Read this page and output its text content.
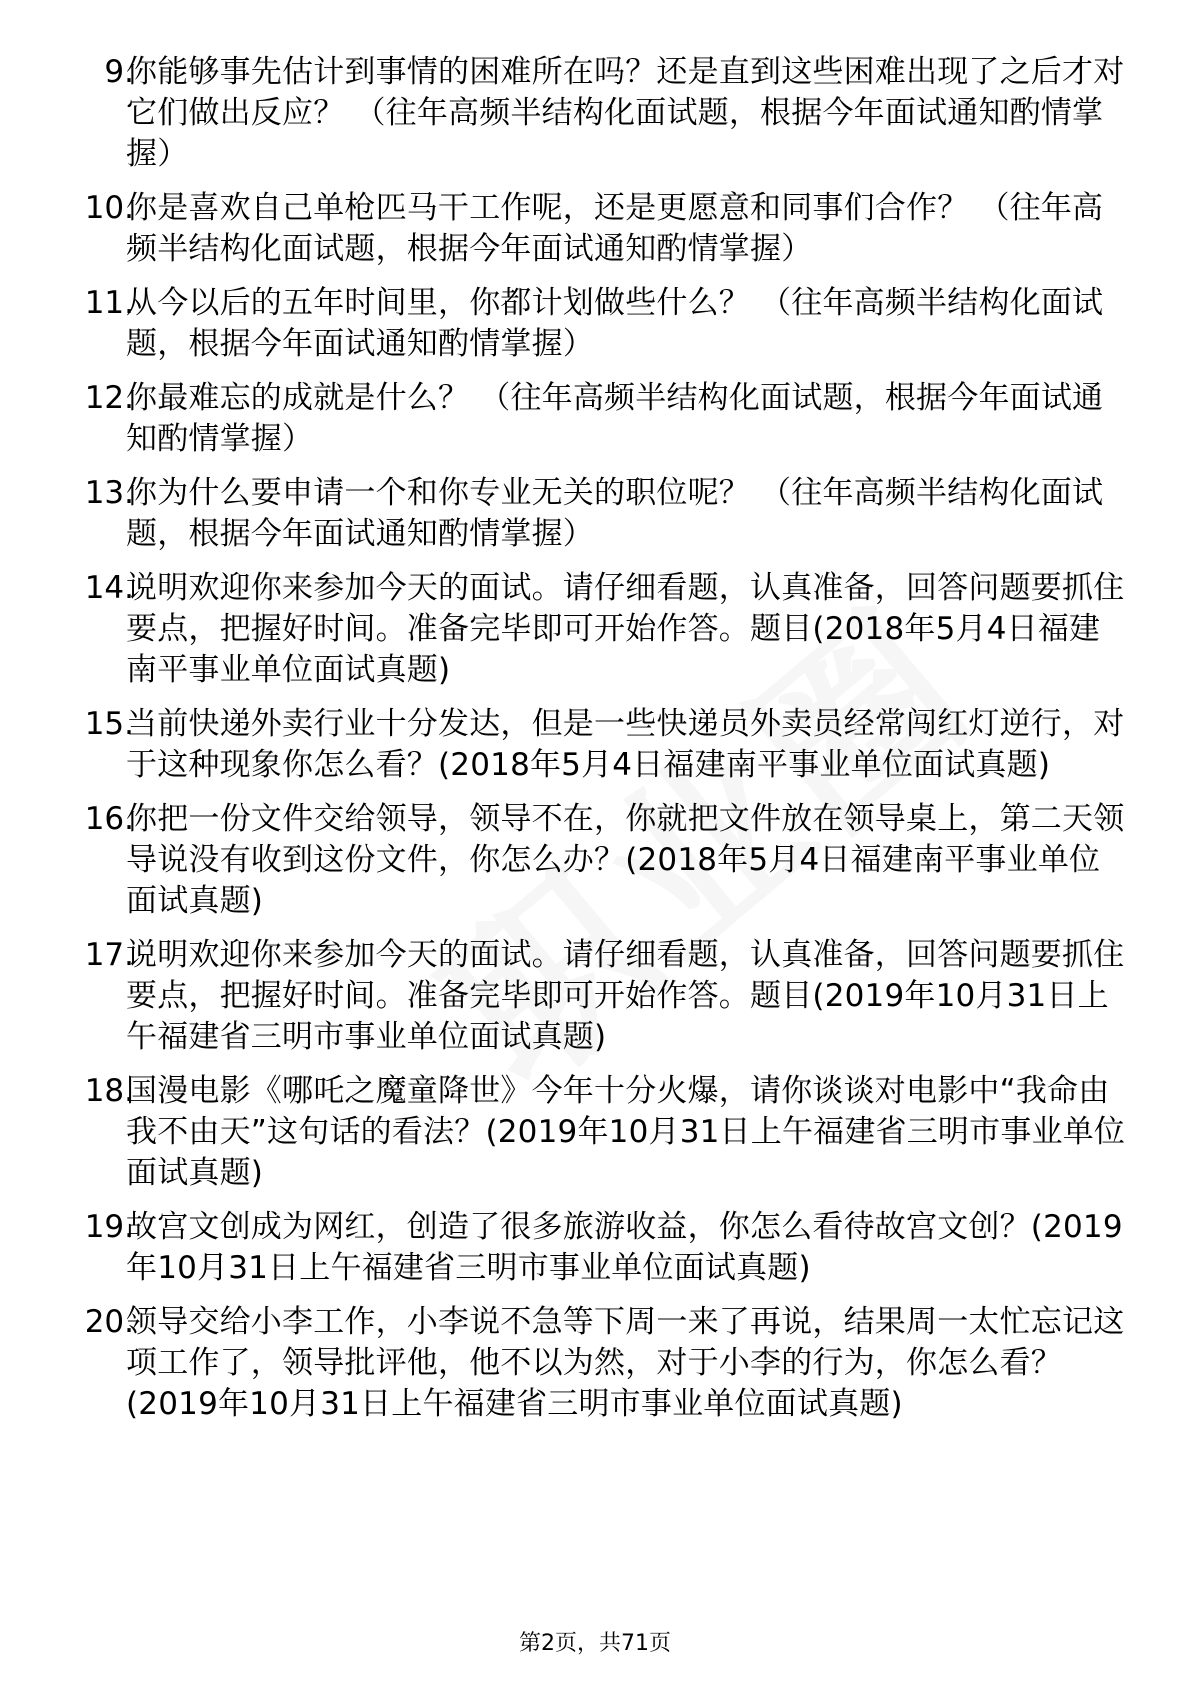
9.
你能够事先估计到事情的困难所在吗？还是直到这些困难出现了之后才对它们做出反应？ （往年高频半结构化面试题，根据今年面试通知酌情掌握）
10.
你是喜欢自己单枪匹马干工作呢，还是更愿意和同事们合作？ （往年高频半结构化面试题，根据今年面试通知酌情掌握）
11.
从今以后的五年时间里，你都计划做些什么？ （往年高频半结构化面试题，根据今年面试通知酌情掌握）
12.
你最难忘的成就是什么？ （往年高频半结构化面试题，根据今年面试通知酌情掌握）
13.
你为什么要申请一个和你专业无关的职位呢？ （往年高频半结构化面试题，根据今年面试通知酌情掌握）
14.
说明欢迎你来参加今天的面试。请仔细看题，认真准备，回答问题要抓住要点，把握好时间。准备完毕即可开始作答。题目(2018年5月4日福建南平事业单位面试真题)
15.
当前快递外卖行业十分发达，但是一些快递员外卖员经常闯红灯逆行，对于这种现象你怎么看？(2018年5月4日福建南平事业单位面试真题)
16.
你把一份文件交给领导，领导不在，你就把文件放在领导桌上，第二天领导说没有收到这份文件，你怎么办？(2018年5月4日福建南平事业单位面试真题)
17.
说明欢迎你来参加今天的面试。请仔细看题，认真准备，回答问题要抓住要点，把握好时间。准备完毕即可开始作答。题目(2019年10月31日上午福建省三明市事业单位面试真题)
18.
国漫电影《哪吒之魔童降世》今年十分火爆，请你谈谈对电影中“我命由我不由天”这句话的看法？(2019年10月31日上午福建省三明市事业单位面试真题)
19.
故宫文创成为网红，创造了很多旅游收益，你怎么看待故宫文创？(2019年10月31日上午福建省三明市事业单位面试真题)
20.
领导交给小李工作，小李说不急等下周一来了再说，结果周一太忙忘记这项工作了，领导批评他，他不以为然，对于小李的行为，你怎么看？(2019年10月31日上午福建省三明市事业单位面试真题)
第2页，共71页
